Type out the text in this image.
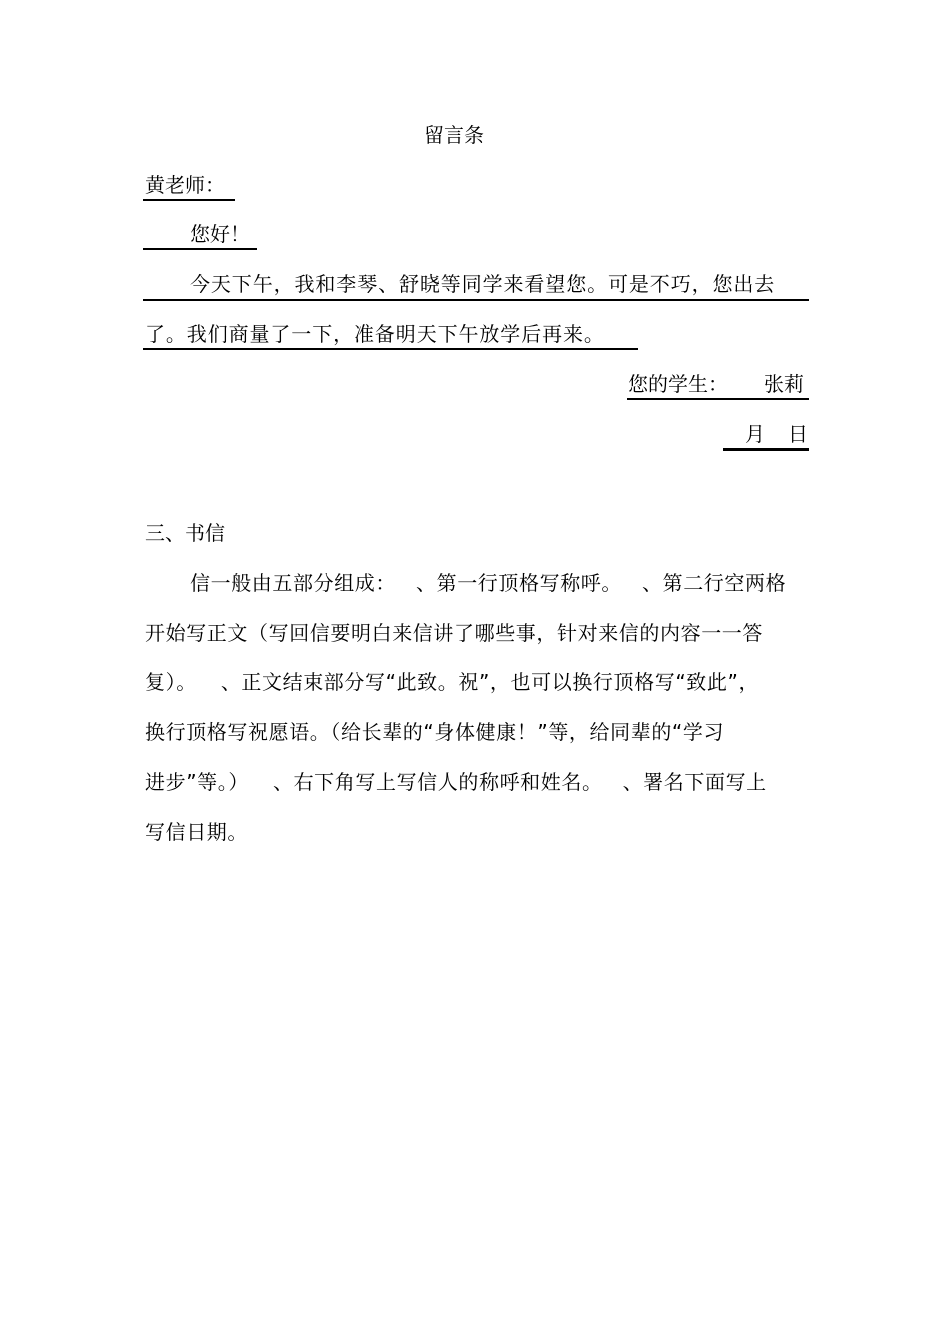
留言条
黄老师：
您好！
今天下午，我和李琴、舒晓等同学来看望您。可是不巧，您出去
了。我们商量了一下，准备明天下午放学后再来。
您的学生： 张莉
月 日
三、书信
信一般由五部分组成： 、第一行顶格写称呼。 、第二行空两格
开始写正文（写回信要明白来信讲了哪些事，针对来信的内容一一答
复）。 、正文结束部分写“此致。祝”，也可以换行顶格写“致此”，
换行顶格写祝愿语。（给长辈的“身体健康！”等，给同辈的“学习
进步”等。） 、右下角写上写信人的称呼和姓名。 、署名下面写上
写信日期。
